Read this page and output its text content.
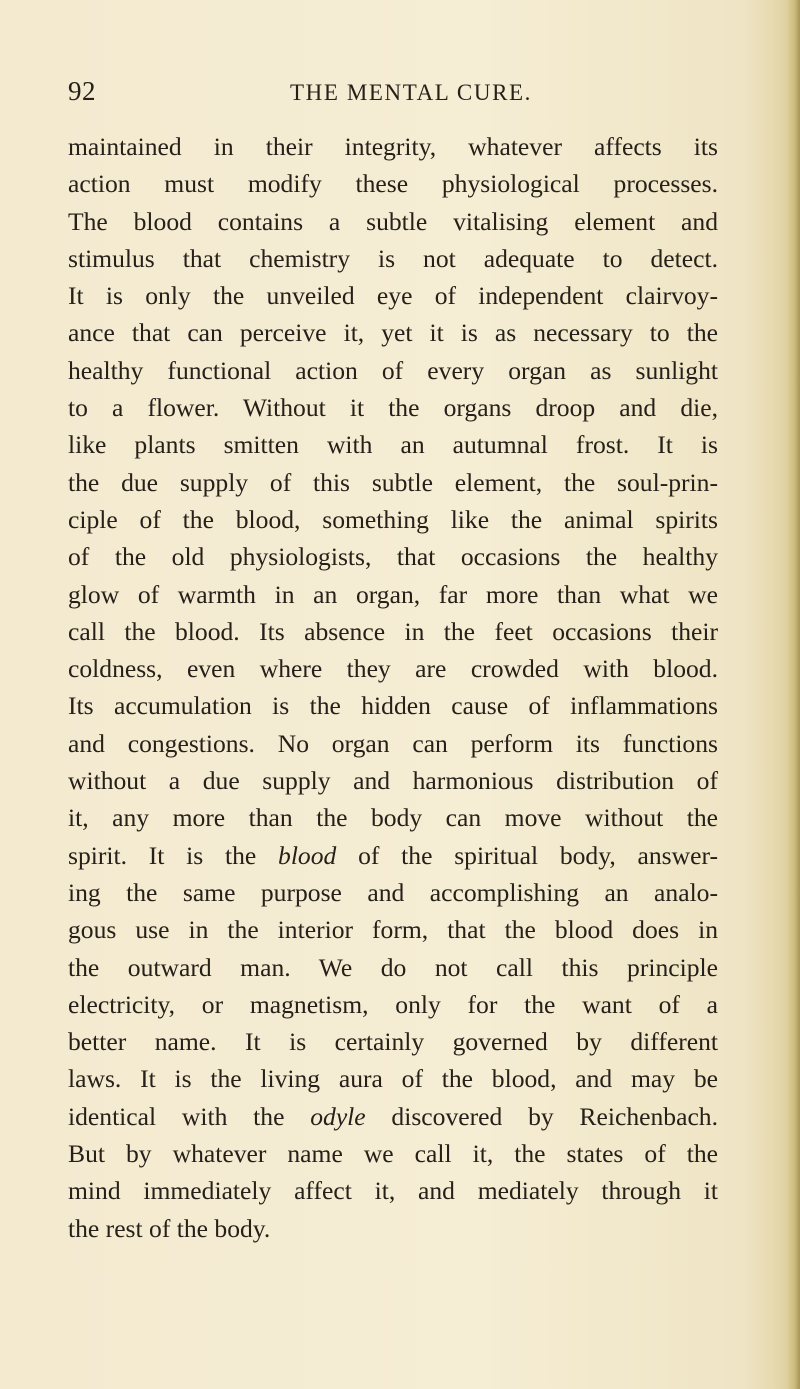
92	THE MENTAL CURE.
maintained in their integrity, whatever affects its
action must modify these physiological processes.
The blood contains a subtle vitalising element and
stimulus that chemistry is not adequate to detect.
It is only the unveiled eye of independent clairvoy-
ance that can perceive it, yet it is as necessary to the
healthy functional action of every organ as sunlight
to a flower. Without it the organs droop and die,
like plants smitten with an autumnal frost. It is
the due supply of this subtle element, the soul-prin-
ciple of the blood, something like the animal spirits
of the old physiologists, that occasions the healthy
glow of warmth in an organ, far more than what we
call the blood. Its absence in the feet occasions their
coldness, even where they are crowded with blood.
Its accumulation is the hidden cause of inflammations
and congestions. No organ can perform its functions
without a due supply and harmonious distribution of
it, any more than the body can move without the
spirit. It is the blood of the spiritual body, answer-
ing the same purpose and accomplishing an analo-
gous use in the interior form, that the blood does in
the outward man. We do not call this principle
electricity, or magnetism, only for the want of a
better name. It is certainly governed by different
laws. It is the living aura of the blood, and may be
identical with the odyle discovered by Reichenbach.
But by whatever name we call it, the states of the
mind immediately affect it, and mediately through it
the rest of the body.
